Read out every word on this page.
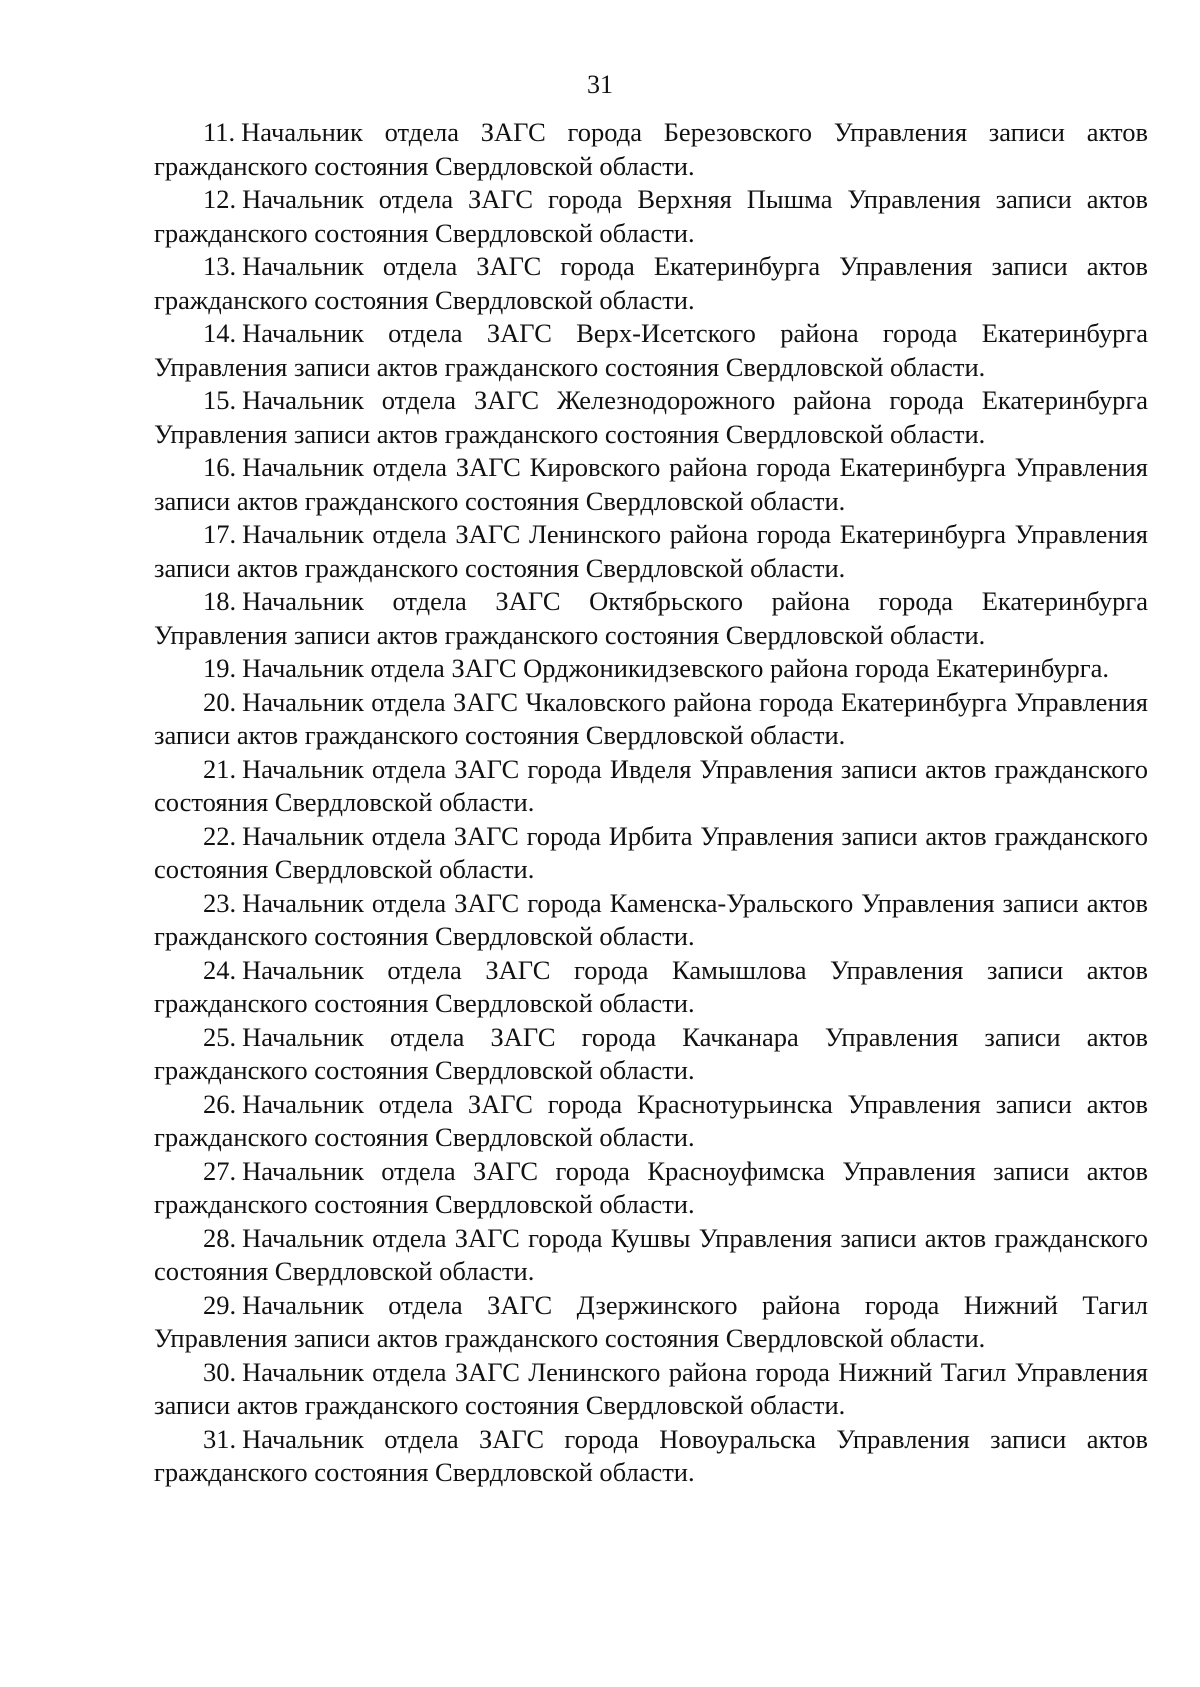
31

11. Начальник отдела ЗАГС города Березовского Управления записи актов гражданского состояния Свердловской области.

12. Начальник отдела ЗАГС города Верхняя Пышма Управления записи актов гражданского состояния Свердловской области.

13. Начальник отдела ЗАГС города Екатеринбурга Управления записи актов гражданского состояния Свердловской области.

14. Начальник отдела ЗАГС Верх-Исетского района города Екатеринбурга Управления записи актов гражданского состояния Свердловской области.

15. Начальник отдела ЗАГС Железнодорожного района города Екатеринбурга Управления записи актов гражданского состояния Свердловской области.

16. Начальник отдела ЗАГС Кировского района города Екатеринбурга Управления записи актов гражданского состояния Свердловской области.

17. Начальник отдела ЗАГС Ленинского района города Екатеринбурга Управления записи актов гражданского состояния Свердловской области.

18. Начальник отдела ЗАГС Октябрьского района города Екатеринбурга Управления записи актов гражданского состояния Свердловской области.

19. Начальник отдела ЗАГС Орджоникидзевского района города Екатеринбурга.

20. Начальник отдела ЗАГС Чкаловского района города Екатеринбурга Управления записи актов гражданского состояния Свердловской области.

21. Начальник отдела ЗАГС города Ивделя Управления записи актов гражданского состояния Свердловской области.

22. Начальник отдела ЗАГС города Ирбита Управления записи актов гражданского состояния Свердловской области.

23. Начальник отдела ЗАГС города Каменска-Уральского Управления записи актов гражданского состояния Свердловской области.

24. Начальник отдела ЗАГС города Камышлова Управления записи актов гражданского состояния Свердловской области.

25. Начальник отдела ЗАГС города Качканара Управления записи актов гражданского состояния Свердловской области.

26. Начальник отдела ЗАГС города Краснотурьинска Управления записи актов гражданского состояния Свердловской области.

27. Начальник отдела ЗАГС города Красноуфимска Управления записи актов гражданского состояния Свердловской области.

28. Начальник отдела ЗАГС города Кушвы Управления записи актов гражданского состояния Свердловской области.

29. Начальник отдела ЗАГС Дзержинского района города Нижний Тагил Управления записи актов гражданского состояния Свердловской области.

30. Начальник отдела ЗАГС Ленинского района города Нижний Тагил Управления записи актов гражданского состояния Свердловской области.

31. Начальник отдела ЗАГС города Новоуральска Управления записи актов гражданского состояния Свердловской области.
